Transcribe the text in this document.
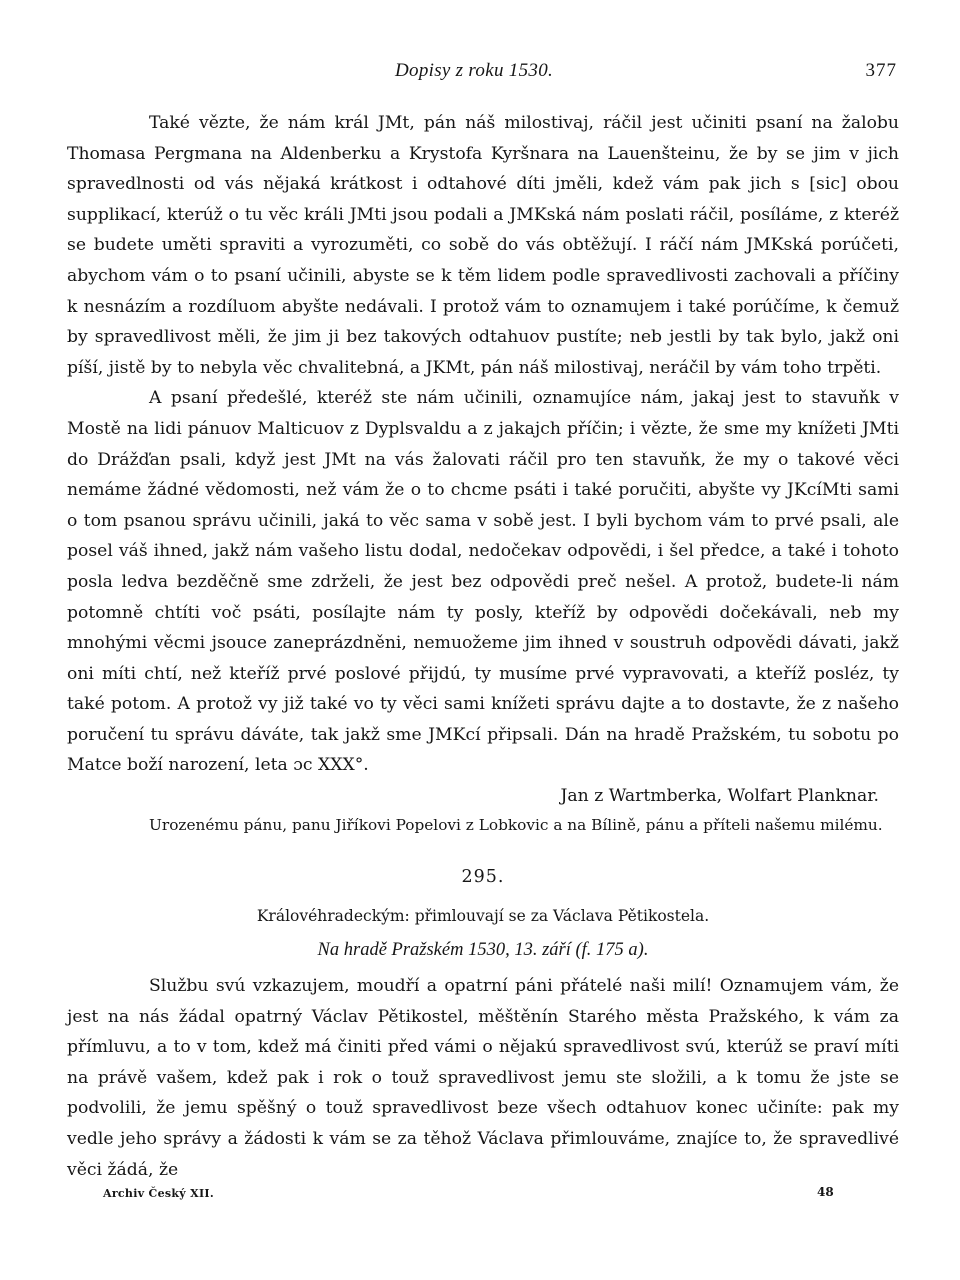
Dopisy z roku 1530.	377

Také vězte, že nám král JMt, pán náš milostivaj, ráčil jest učiniti psaní na žalobu Thomasa Pergmana na Aldenberku a Krystofa Kyršnara na Lauenšteinu, že by se jim v jich spravedlnosti od vás nějaká krátkost i odtahové díti jměli, kdež vám pak jich s [sic] obou supplikací, kterúž o tu věc králi JMti jsou podali a JMKská nám poslati ráčil, posíláme, z kteréž se budete uměti spraviti a vyrozuměti, co sobě do vás obtěžují. I ráčí nám JMKská porúčeti, abychom vám o to psaní učinili, abyste se k těm lidem podle spravedlivosti zachovali a příčiny k nesnázím a rozdíluom abyšte nedávali. I protož vám to oznamujem i také porúčíme, k čemuž by spravedlivost měli, že jim ji bez takových odtahuov pustíte; neb jestli by tak bylo, jakž oni píší, jistě by to nebyla věc chvalitebná, a JKMt, pán náš milostivaj, neráčil by vám toho trpěti.

A psaní předešlé, kteréž ste nám učinili, oznamujíce nám, jakaj jest to stavuňk v Mostě na lidi pánuov Malticuov z Dyplsvaldu a z jakajch příčin; i vězte, že sme my knížeti JMti do Drážďan psali, když jest JMt na vás žalovati ráčil pro ten stavuňk, že my o takové věci nemáme žádné vědomosti, než vám že o to chcme psáti i také poručiti, abyšte vy JKcíMti sami o tom psanou správu učinili, jaká to věc sama v sobě jest. I byli bychom vám to prvé psali, ale posel váš ihned, jakž nám vašeho listu dodal, nedočekav odpovědi, i šel předce, a také i tohoto posla ledva bezděčně sme zdrželi, že jest bez odpovědi preč nešel. A protož, budete-li nám potomně chtíti voč psáti, posílajte nám ty posly, kteříž by odpovědi dočekávali, neb my mnohými věcmi jsouce zaneprázdněni, nemuožeme jim ihned v soustruh odpovědi dávati, jakž oni míti chtí, než kteříž prvé poslové přijdú, ty musíme prvé vypravovati, a kteříž posléz, ty také potom. A protož vy již také vo ty věci sami knížeti správu dajte a to dostavte, že z našeho poručení tu správu dáváte, tak jakž sme JMKcí připsali. Dán na hradě Pražském, tu sobotu po Matce boží narození, leta ɔc XXX°.

Jan z Wartmberka, Wolfart Planknar.

Urozenému pánu, panu Jiříkovi Popelovi z Lobkovic a na Bílině, pánu a příteli našemu milému.

295.
Královéhradeckým: přimlouvají se za Václava Pětikostela.
Na hradě Pražském 1530, 13. září (f. 175 a).

Službu svú vzkazujem, moudří a opatrní páni přátelé naši milí! Oznamujem vám, že jest na nás žádal opatrný Václav Pětikostel, měštěnín Starého města Pražského, k vám za přímluvu, a to v tom, kdež má činiti před vámi o nějakú spravedlivost svú, kterúž se praví míti na právě vašem, kdež pak i rok o touž spravedlivost jemu ste složili, a k tomu že jste se podvolili, že jemu spěšný o touž spravedlivost beze všech odtahuov konec učiníte: pak my vedle jeho správy a žádosti k vám se za těhož Václava přimlouváme, znajíce to, že spravedlivé věci žádá, že

Archiv Český XII.	48
